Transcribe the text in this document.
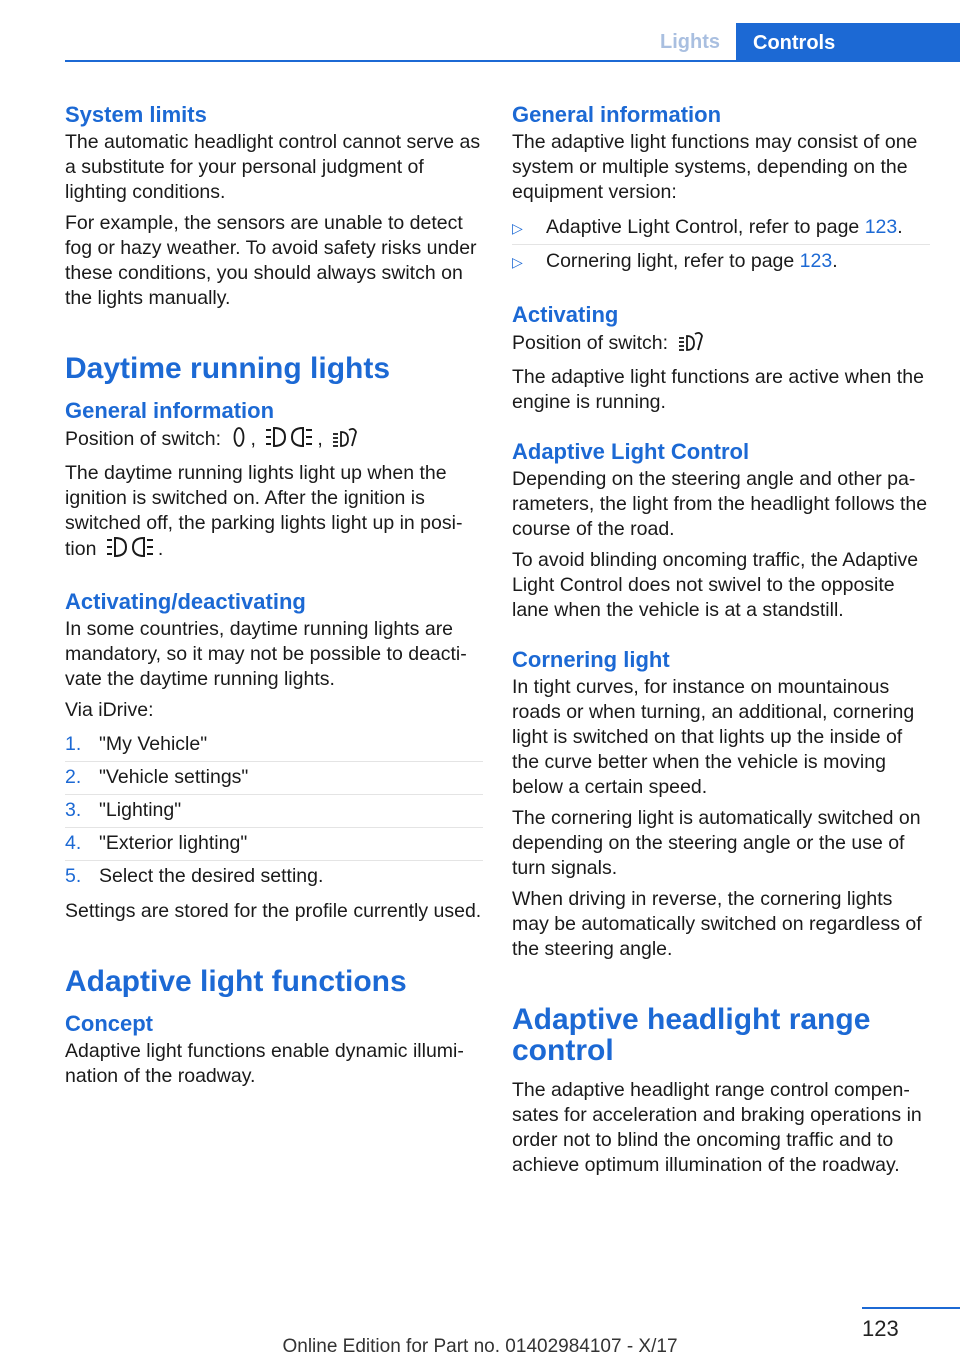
Lights	Controls
System limits

The automatic headlight control cannot serve as a substitute for your personal judgment of lighting conditions.

For example, the sensors are unable to detect fog or hazy weather. To avoid safety risks under these conditions, you should always switch on the lights manually.

Daytime running lights
General information

Position of switch: ,	,

The daytime running lights light up when the ignition is switched on. After the ignition is switched off, the parking lights light up in position	.

Activating/deactivating

In some countries, daytime running lights are mandatory, so it may not be possible to deactivate the daytime running lights.

Via iDrive:

1. "My Vehicle"
2. "Vehicle settings"
3. "Lighting"
4. "Exterior lighting"
5. Select the desired setting.

Settings are stored for the profile currently used.

Adaptive light functions
Concept

Adaptive light functions enable dynamic illumination of the roadway.

General information

The adaptive light functions may consist of one system or multiple systems, depending on the equipment version:

▷ Adaptive Light Control, refer to page 123.
▷ Cornering light, refer to page 123.
Activating

Position of switch:

The adaptive light functions are active when the engine is running.

Adaptive Light Control

Depending on the steering angle and other parameters, the light from the headlight follows the course of the road.

To avoid blinding oncoming traffic, the Adaptive Light Control does not swivel to the opposite lane when the vehicle is at a standstill.

Cornering light

In tight curves, for instance on mountainous roads or when turning, an additional, cornering light is switched on that lights up the inside of the curve better when the vehicle is moving below a certain speed.

The cornering light is automatically switched on depending on the steering angle or the use of turn signals.

When driving in reverse, the cornering lights may be automatically switched on regardless of the steering angle.

Adaptive headlight range control

The adaptive headlight range control compensates for acceleration and braking operations in order not to blind the oncoming traffic and to achieve optimum illumination of the roadway.

123
Online Edition for Part no. 01402984107 - X/17
